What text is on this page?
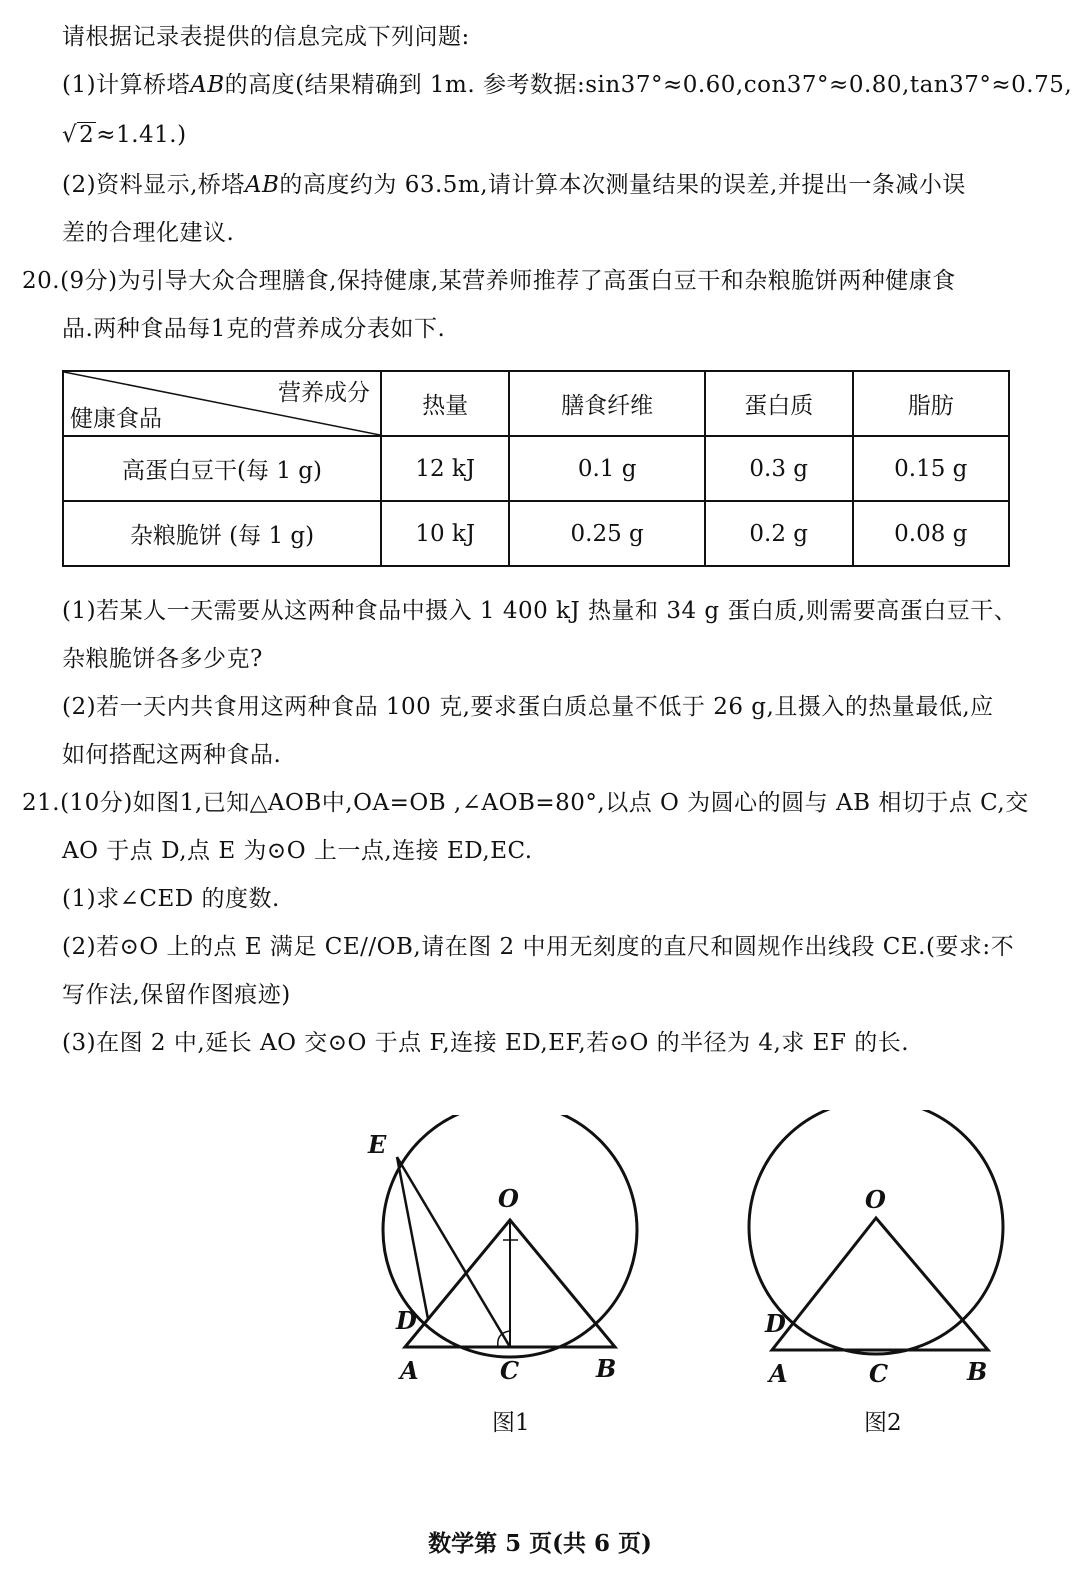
请根据记录表提供的信息完成下列问题:
(1)计算桥塔AB的高度(结果精确到 1m. 参考数据:sin37°≈0.60,con37°≈0.80,tan37°≈0.75,
√2≈1.41.)
(2)资料显示,桥塔AB的高度约为 63.5m,请计算本次测量结果的误差,并提出一条减小误
差的合理化建议.
20.(9分)为引导大众合理膳食,保持健康,某营养师推荐了高蛋白豆干和杂粮脆饼两种健康食
品.两种食品每1克的营养成分表如下.
营养成分
健康食品	热量	膳食纤维	蛋白质	脂肪
高蛋白豆干(每 1 g)	12 kJ	0.1 g	0.3 g	0.15 g
杂粮脆饼 (每 1 g)	10 kJ	0.25 g	0.2 g	0.08 g
(1)若某人一天需要从这两种食品中摄入 1 400 kJ 热量和 34 g 蛋白质,则需要高蛋白豆干、
杂粮脆饼各多少克?
(2)若一天内共食用这两种食品 100 克,要求蛋白质总量不低于 26 g,且摄入的热量最低,应
如何搭配这两种食品.
21.(10分)如图1,已知△AOB中,OA=OB ,∠AOB=80°,以点 O 为圆心的圆与 AB 相切于点 C,交
AO 于点 D,点 E 为⊙O 上一点,连接 ED,EC.
(1)求∠CED 的度数.
(2)若⊙O 上的点 E 满足 CE//OB,请在图 2 中用无刻度的直尺和圆规作出线段 CE.(要求:不
写作法,保留作图痕迹)
(3)在图 2 中,延长 AO 交⊙O 于点 F,连接 ED,EF,若⊙O 的半径为 4,求 EF 的长.
E
O
D
A	C	B
图1
O
D
A	C	B
图2
数学第 5 页(共 6 页)
